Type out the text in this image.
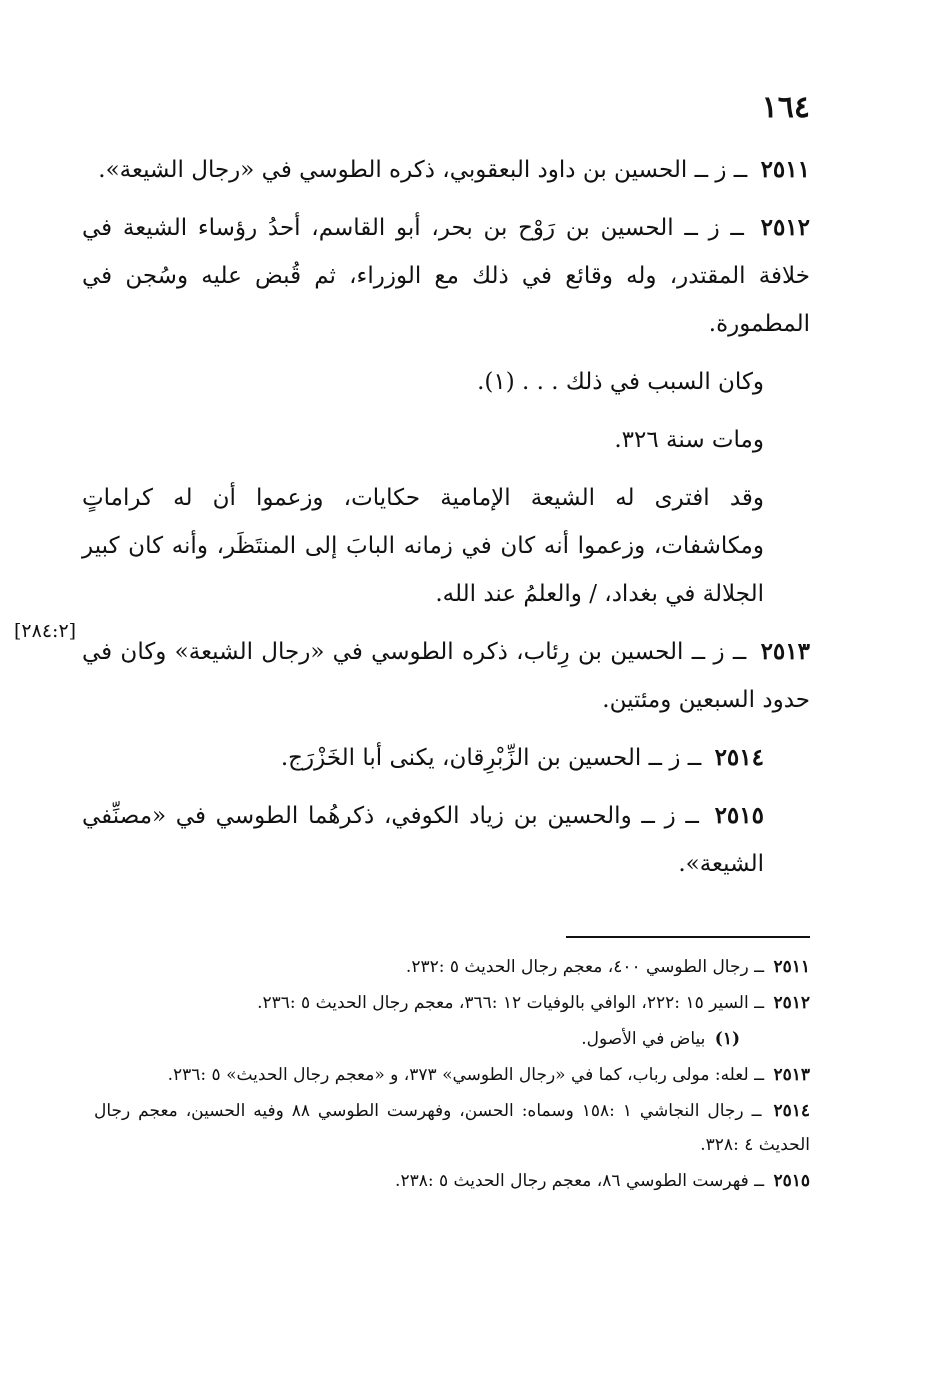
١٦٤

٢٥١١ ــ ز ــ الحسين بن داود البعقوبي، ذكره الطوسي في «رجال الشيعة».

٢٥١٢ ــ ز ــ الحسين بن رَوْح بن بحر، أبو القاسم، أحدُ رؤساء الشيعة في خلافة المقتدر، وله وقائع في ذلك مع الوزراء، ثم قُبض عليه وسُجن في المطمورة.

وكان السبب في ذلك . . . (١).

ومات سنة ٣٢٦.

وقد افترى له الشيعة الإمامية حكايات، وزعموا أن له كراماتٍ ومكاشفات، وزعموا أنه كان في زمانه البابَ إلى المنتَظَر، وأنه كان كبير الجلالة في بغداد، / والعلمُ عند الله.

٢٥١٣ ــ ز ــ الحسين بن رِئاب، ذكره الطوسي في «رجال الشيعة» وكان في حدود السبعين ومئتين.

٢٥١٤ ــ ز ــ الحسين بن الزِّبْرِقان، يكنى أبا الخَزْرَج.

٢٥١٥ ــ ز ــ والحسين بن زياد الكوفي، ذكرهُما الطوسي في «مصنِّفي الشيعة».

[٢٨٤:٢]

٢٥١١ ــ رجال الطوسي ٤٠٠، معجم رجال الحديث ٥ :٢٣٢.

٢٥١٢ ــ السير ١٥ :٢٢٢، الوافي بالوفيات ١٢ :٣٦٦، معجم رجال الحديث ٥ :٢٣٦.

(١) بياض في الأصول.

٢٥١٣ ــ لعله: مولى رباب، كما في «رجال الطوسي» ٣٧٣، و «معجم رجال الحديث» ٥ :٢٣٦.

٢٥١٤ ــ رجال النجاشي ١ :١٥٨ وسماه: الحسن، وفهرست الطوسي ٨٨ وفيه الحسين، معجم رجال الحديث ٤ :٣٢٨.

٢٥١٥ ــ فهرست الطوسي ٨٦، معجم رجال الحديث ٥ :٢٣٨.
